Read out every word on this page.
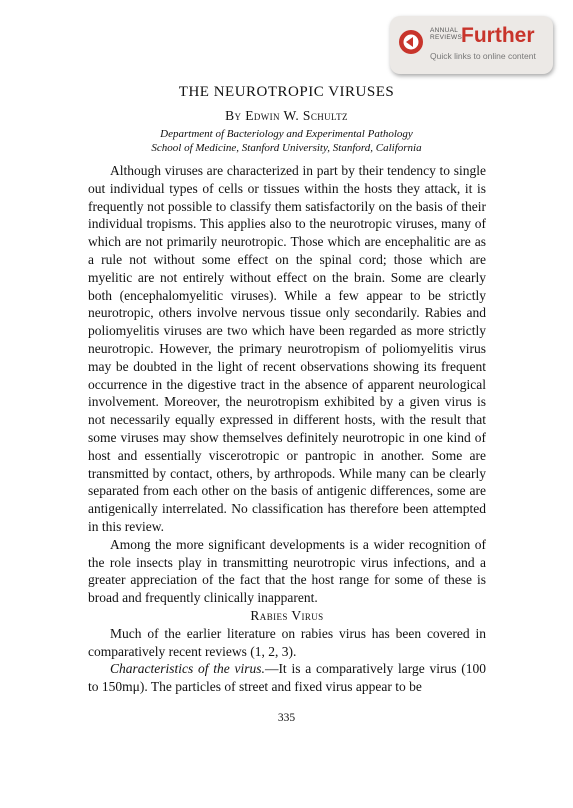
ANNUAL
REVIEWS
Further
Quick links to online content
THE NEUROTROPIC VIRUSES
By Edwin W. Schultz
Department of Bacteriology and Experimental Pathology
School of Medicine, Stanford University, Stanford, California

Although viruses are characterized in part by their tendency to single out individual types of cells or tissues within the hosts they attack, it is frequently not possible to classify them satisfactorily on the basis of their individual tropisms. This applies also to the neurotropic viruses, many of which are not primarily neurotropic. Those which are encephalitic are as a rule not without some effect on the spinal cord; those which are myelitic are not entirely without effect on the brain. Some are clearly both (encephalomyelitic viruses). While a few appear to be strictly neurotropic, others involve nervous tissue only secondarily. Rabies and poliomyelitis viruses are two which have been regarded as more strictly neurotropic. However, the primary neurotropism of poliomyelitis virus may be doubted in the light of recent observations showing its frequent occurrence in the digestive tract in the absence of apparent neurological involvement. Moreover, the neurotropism exhibited by a given virus is not necessarily equally expressed in different hosts, with the result that some viruses may show themselves definitely neurotropic in one kind of host and essentially viscerotropic or pantropic in another. Some are transmitted by contact, others, by arthropods. While many can be clearly separated from each other on the basis of antigenic differences, some are antigenically interrelated. No classification has therefore been attempted in this review.

Among the more significant developments is a wider recognition of the role insects play in transmitting neurotropic virus infections, and a greater appreciation of the fact that the host range for some of these is broad and frequently clinically inapparent.

Rabies Virus

Much of the earlier literature on rabies virus has been covered in comparatively recent reviews (1, 2, 3).

Characteristics of the virus.—It is a comparatively large virus (100 to 150mμ). The particles of street and fixed virus appear to be

335
